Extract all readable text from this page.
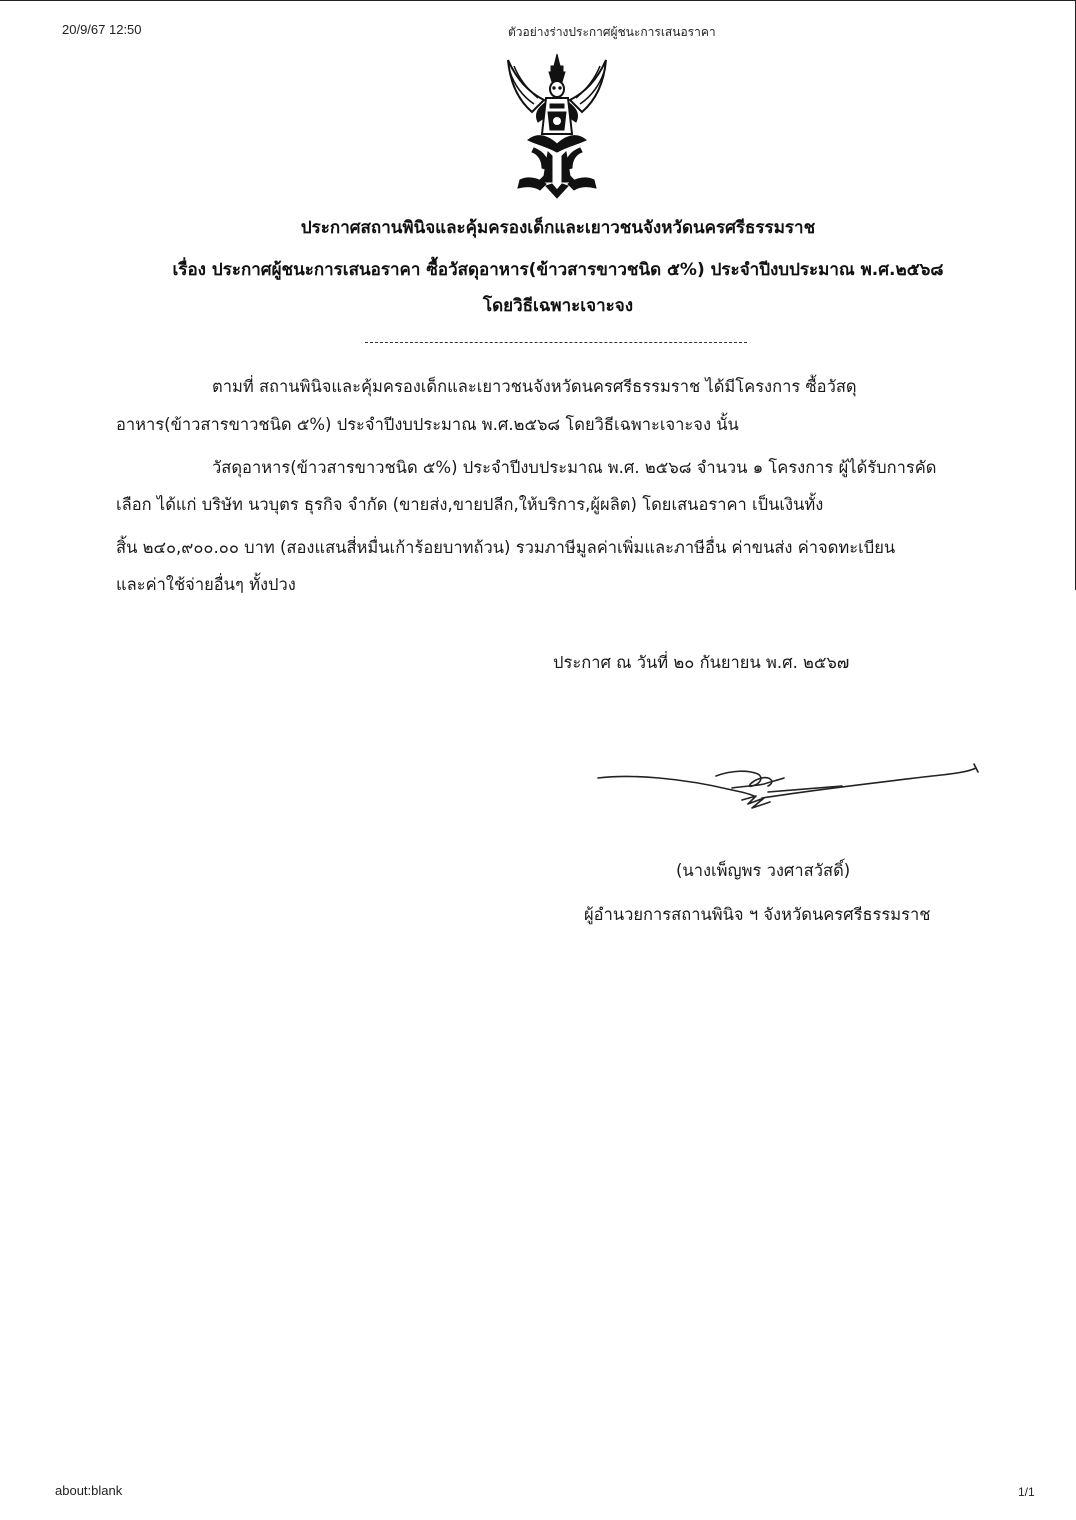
20/9/67 12:50	ตัวอย่างร่างประกาศผู้ชนะการเสนอราคา
ประกาศสถานพินิจและคุ้มครองเด็กและเยาวชนจังหวัดนครศรีธรรมราช
เรื่อง ประกาศผู้ชนะการเสนอราคา ซื้อวัสดุอาหาร(ข้าวสารขาวชนิด ๕%) ประจำปีงบประมาณ พ.ศ.๒๕๖๘
โดยวิธีเฉพาะเจาะจง
ตามที่ สถานพินิจและคุ้มครองเด็กและเยาวชนจังหวัดนครศรีธรรมราช ได้มีโครงการ ซื้อวัสดุ
อาหาร(ข้าวสารขาวชนิด ๕%) ประจำปีงบประมาณ พ.ศ.๒๕๖๘ โดยวิธีเฉพาะเจาะจง นั้น
วัสดุอาหาร(ข้าวสารขาวชนิด ๕%) ประจำปีงบประมาณ พ.ศ. ๒๕๖๘ จำนวน ๑ โครงการ ผู้ได้รับการคัด
เลือก ได้แก่ บริษัท นวบุตร ธุรกิจ จำกัด (ขายส่ง,ขายปลีก,ให้บริการ,ผู้ผลิต) โดยเสนอราคา เป็นเงินทั้ง
สิ้น ๒๔๐,๙๐๐.๐๐ บาท (สองแสนสี่หมื่นเก้าร้อยบาทถ้วน) รวมภาษีมูลค่าเพิ่มและภาษีอื่น ค่าขนส่ง ค่าจดทะเบียน
และค่าใช้จ่ายอื่นๆ ทั้งปวง
ประกาศ ณ วันที่ ๒๐ กันยายน พ.ศ. ๒๕๖๗
(นางเพ็ญพร วงศาสวัสดิ์)
ผู้อำนวยการสถานพินิจ ฯ จังหวัดนครศรีธรรมราช
about:blank	1/1
